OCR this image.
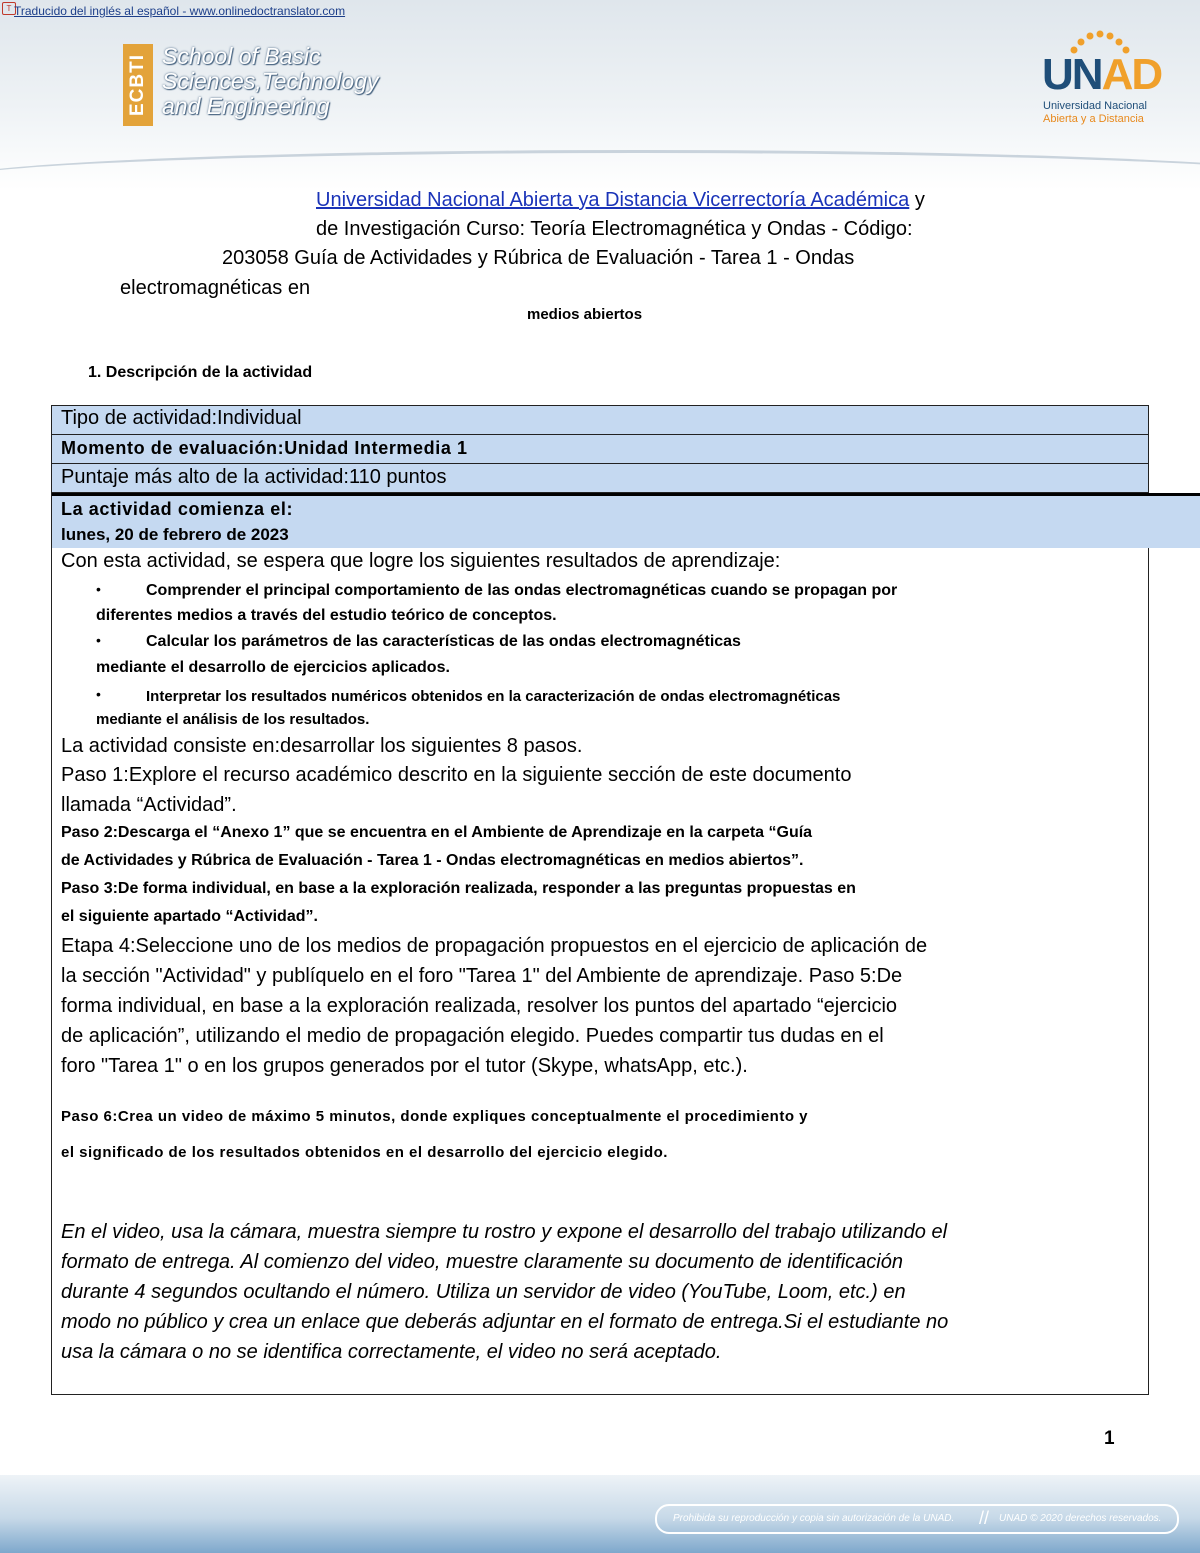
T Traducido del inglés al español - www.onlinedoctranslator.com
ECBTI School of Basic
Sciences,Technology
and Engineering
UNAD
Universidad Nacional
Abierta y a Distancia
Universidad Nacional Abierta ya Distancia Vicerrectoría Académica y
de Investigación Curso: Teoría Electromagnética y Ondas - Código:
203058 Guía de Actividades y Rúbrica de Evaluación - Tarea 1 - Ondas
electromagnéticas en
medios abiertos
1. Descripción de la actividad
Tipo de actividad:Individual
Momento de evaluación:Unidad Intermedia 1
Puntaje más alto de la actividad:110 puntos
La actividad comienza el:
lunes, 20 de febrero de 2023

Con esta actividad, se espera que logre los siguientes resultados de aprendizaje:

•	Comprender el principal comportamiento de las ondas electromagnéticas cuando se propagan por

diferentes medios a través del estudio teórico de conceptos.

•	Calcular los parámetros de las características de las ondas electromagnéticas

mediante el desarrollo de ejercicios aplicados.

•	Interpretar los resultados numéricos obtenidos en la caracterización de ondas electromagnéticas

mediante el análisis de los resultados.

La actividad consiste en:desarrollar los siguientes 8 pasos.

Paso 1:Explore el recurso académico descrito en la siguiente sección de este documento

llamada “Actividad”.

Paso 2:Descarga el “Anexo 1” que se encuentra en el Ambiente de Aprendizaje en la carpeta “Guía

de Actividades y Rúbrica de Evaluación - Tarea 1 - Ondas electromagnéticas en medios abiertos”.

Paso 3:De forma individual, en base a la exploración realizada, responder a las preguntas propuestas en

el siguiente apartado “Actividad”.

Etapa 4:Seleccione uno de los medios de propagación propuestos en el ejercicio de aplicación de

la sección "Actividad" y publíquelo en el foro "Tarea 1" del Ambiente de aprendizaje. Paso 5:De

forma individual, en base a la exploración realizada, resolver los puntos del apartado “ejercicio

de aplicación”, utilizando el medio de propagación elegido. Puedes compartir tus dudas en el

foro "Tarea 1" o en los grupos generados por el tutor (Skype, whatsApp, etc.).

Paso 6:Crea un video de máximo 5 minutos, donde expliques conceptualmente el procedimiento y

el significado de los resultados obtenidos en el desarrollo del ejercicio elegido.

En el video, usa la cámara, muestra siempre tu rostro y expone el desarrollo del trabajo utilizando el

formato de entrega. Al comienzo del video, muestre claramente su documento de identificación

durante 4 segundos ocultando el número. Utiliza un servidor de video (YouTube, Loom, etc.) en

modo no público y crea un enlace que deberás adjuntar en el formato de entrega.Si el estudiante no

usa la cámara o no se identifica correctamente, el video no será aceptado.

1
Prohibida su reproducción y copia sin autorización de la UNAD. // UNAD © 2020 derechos reservados.
